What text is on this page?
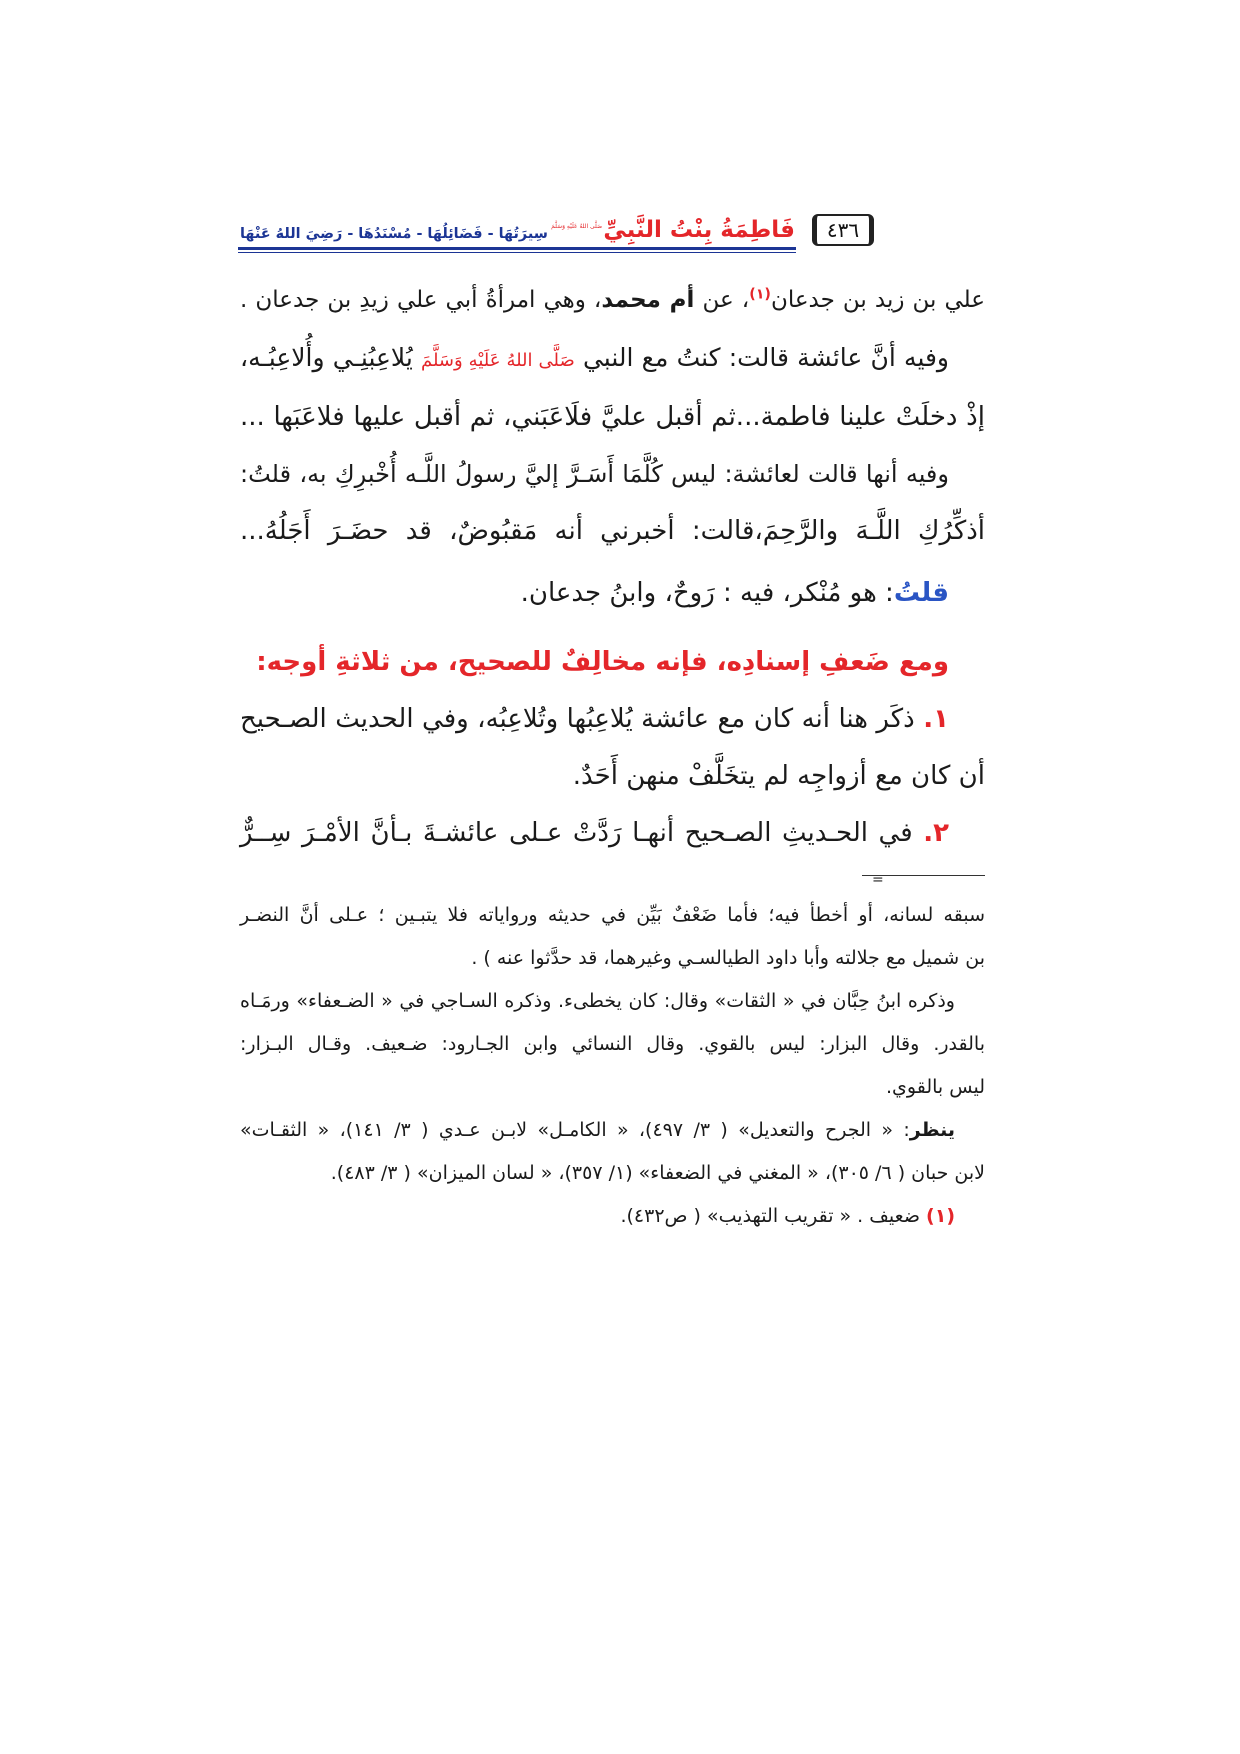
٤٣٦
فَاطِمَةُ بِنْتُ النَّبِيِّ
صَلَّى اللهُ عَلَيْهِ وَسَلَّمَ
سِيرَتُهَا - فَضَائِلُهَا - مُسْنَدُهَا - رَضِيَ اللهُ عَنْهَا
علي بن زيد بن جدعان$^{(١)}$، عن أم محمد، وهي امرأةُ أبي علي زيدِ بن جدعان .
وفيه أنَّ عائشة قالت: كنتُ مع النبي صَلَّى اللهُ عَلَيْهِ وَسَلَّمَ يُلاعِبُنِـي وأُلاعِبُـه،
إذْ دخلَتْ علينا فاطمة...ثم أقبل عليَّ فلَاعَبَني، ثم أقبل عليها فلاعَبَها ...
وفيه أنها قالت لعائشة: ليس كُلَّمَا أَسَـرَّ إليَّ رسولُ اللَّـه أُخْبرِكِ به، قلتُ:
أذكِّرُكِ اللَّـهَ والرَّحِمَ،قالت: أخبرني أنه مَقبُوضٌ، قد حضَـرَ أَجَلُهُ...
قلتُ: هو مُنْكر، فيه : رَوحٌ، وابنُ جدعان.
ومع ضَعفِ إسنادِه، فإنه مخالِفٌ للصحيح، من ثلاثةِ أوجه:
١. ذكَر هنا أنه كان مع عائشة يُلاعِبُها وتُلاعِبُه، وفي الحديث الصـحيح
أن كان مع أزواجِه لم يتخَلَّفْ منهن أَحَدٌ.
٢. في الحـديثِ الصـحيح أنهـا رَدَّتْ عـلى عائشـةَ بـأنَّ الأمْـرَ سِــرٌّ
=
سبقه لسانه، أو أخطأ فيه؛ فأما ضَعْفٌ بَيِّن في حديثه ورواياته فلا يتبـين ؛ عـلى أنَّ النضـر
بن شميل مع جلالته وأبا داود الطيالسـي وغيرهما، قد حدَّثوا عنه ) .
وذكره ابنُ حِبَّان في « الثقات» وقال: كان يخطىء. وذكره السـاجي في « الضـعفاء» ورمَـاه
بالقدر. وقال البزار: ليس بالقوي. وقال النسائي وابن الجـارود: ضـعيف. وقـال البـزار:
ليس بالقوي.
ينظر: « الجرح والتعديل» ( ٣/ ٤٩٧)، « الكامـل» لابـن عـدي ( ٣/ ١٤١)، « الثقـات»
لابن حبان ( ٦/ ٣٠٥)، « المغني في الضعفاء» (١/ ٣٥٧)، « لسان الميزان» ( ٣/ ٤٨٣).
(١) ضعيف . « تقريب التهذيب» ( ص٤٣٢).
